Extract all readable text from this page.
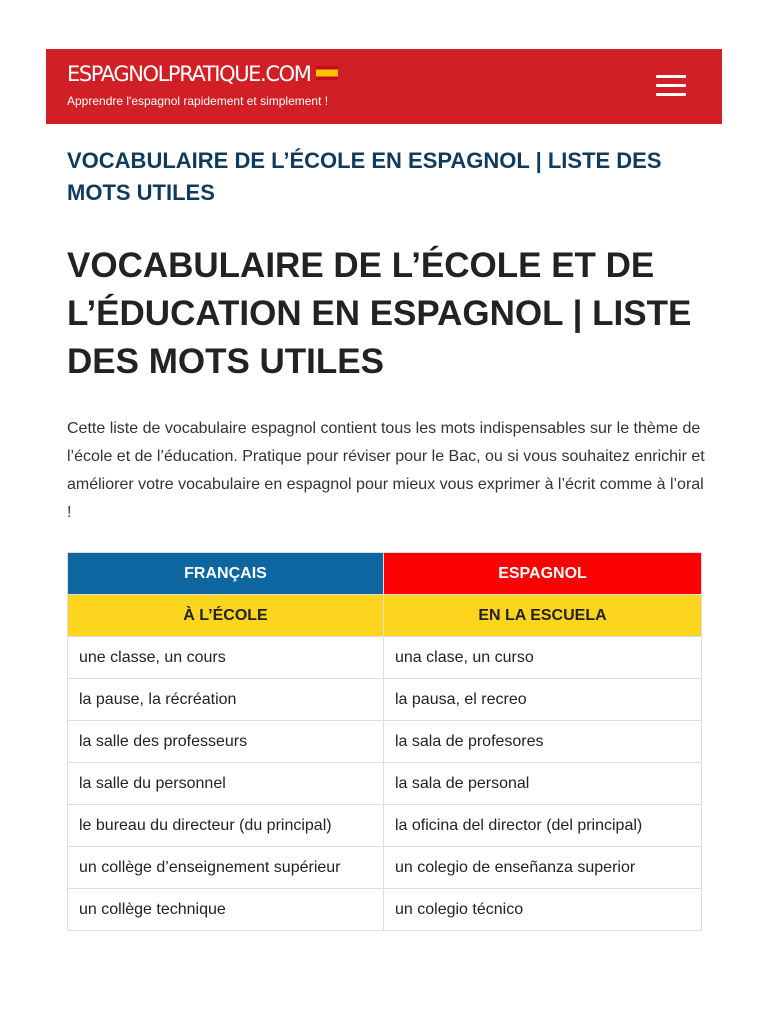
ESPAGNOLPRATIQUE.COM
Apprendre l'espagnol rapidement et simplement !
VOCABULAIRE DE L’ÉCOLE EN ESPAGNOL | LISTE DES MOTS UTILES
VOCABULAIRE DE L’ÉCOLE ET DE L’ÉDUCATION EN ESPAGNOL | LISTE DES MOTS UTILES

Cette liste de vocabulaire espagnol contient tous les mots indispensables sur le thème de l’école et de l’éducation. Pratique pour réviser pour le Bac, ou si vous souhaitez enrichir et améliorer votre vocabulaire en espagnol pour mieux vous exprimer à l’écrit comme à l’oral !

FRANÇAIS	ESPAGNOL
À L’ÉCOLE	EN LA ESCUELA
une classe, un cours	una clase, un curso
la pause, la récréation	la pausa, el recreo
la salle des professeurs	la sala de profesores
la salle du personnel	la sala de personal
le bureau du directeur (du principal)	la oficina del director (del principal)
un collège d’enseignement supérieur	un colegio de enseñanza superior
un collège technique	un colegio técnico
